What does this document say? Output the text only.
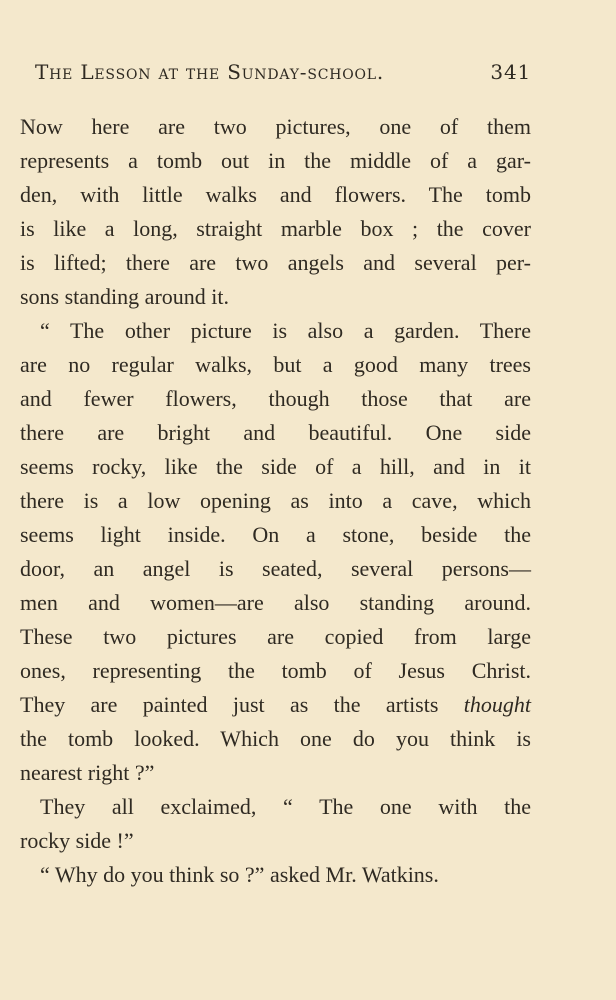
The Lesson at the Sunday-school.	341
Now here are two pictures, one of them
represents a tomb out in the middle of a gar-
den, with little walks and flowers. The tomb
is like a long, straight marble box ; the cover
is lifted; there are two angels and several per-
sons standing around it.
“ The other picture is also a garden. There
are no regular walks, but a good many trees
and fewer flowers, though those that are
there are bright and beautiful. One side
seems rocky, like the side of a hill, and in it
there is a low opening as into a cave, which
seems light inside. On a stone, beside the
door, an angel is seated, several persons—
men and women—are also standing around.
These two pictures are copied from large
ones, representing the tomb of Jesus Christ.
They are painted just as the artists thought
the tomb looked. Which one do you think is
nearest right ?”
They all exclaimed, “ The one with the
rocky side !”
“ Why do you think so ?” asked Mr. Watkins.
